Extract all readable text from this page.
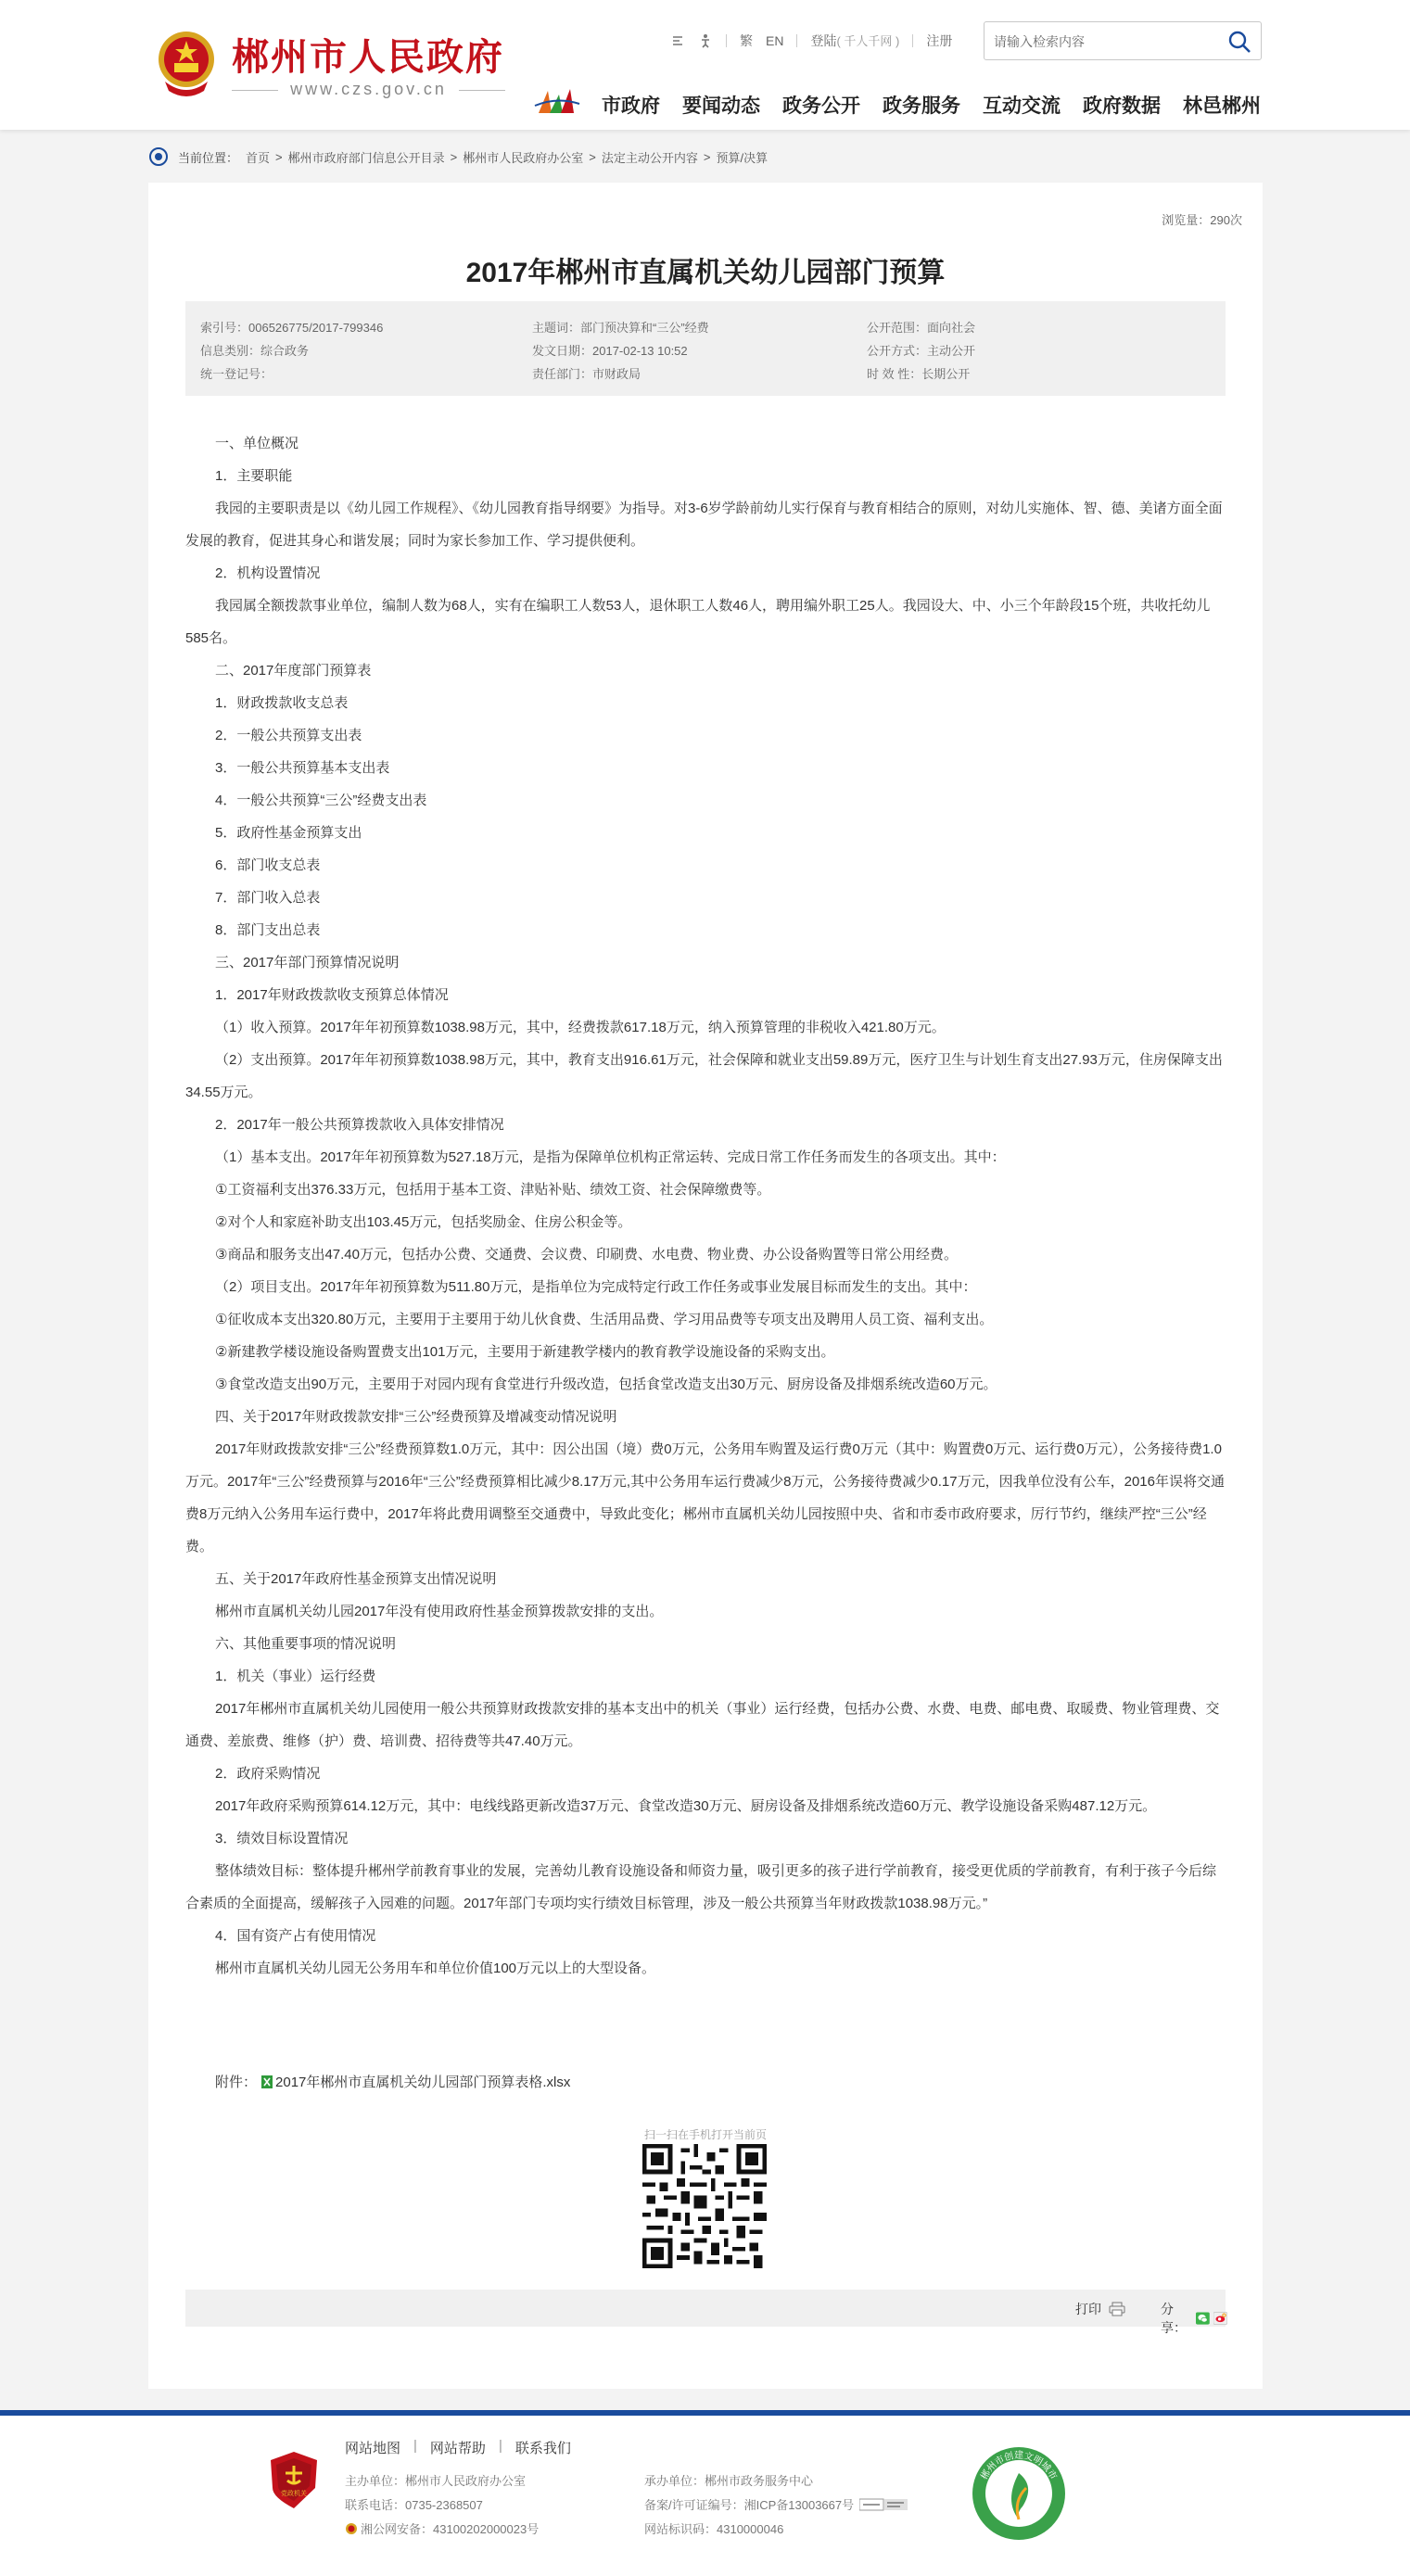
郴州市人民政府
www.czs.gov.cn
繁 EN 登陆( 千人千网 ) 注册
请输入检索内容
市政府 要闻动态 政务公开 政务服务 互动交流 政府数据 林邑郴州
当前位置： 首页 > 郴州市政府部门信息公开目录 > 郴州市人民政府办公室 > 法定主动公开内容 > 预算/决算
浏览量：290次
2017年郴州市直属机关幼儿园部门预算
索引号：006526775/2017-799346
信息类别：综合政务
统一登记号：
主题词：部门预决算和“三公”经费
发文日期：2017-02-13 10:52
责任部门：市财政局
公开范围：面向社会
公开方式：主动公开
时 效 性：长期公开

一、单位概况

1．主要职能

我园的主要职责是以《幼儿园工作规程》、《幼儿园教育指导纲要》为指导。对3-6岁学龄前幼儿实行保育与教育相结合的原则，对幼儿实施体、智、德、美诸方面全面发展的教育，促进其身心和谐发展；同时为家长参加工作、学习提供便利。

2．机构设置情况

我园属全额拨款事业单位，编制人数为68人，实有在编职工人数53人，退休职工人数46人，聘用编外职工25人。我园设大、中、小三个年龄段15个班，共收托幼儿585名。

二、2017年度部门预算表

1．财政拨款收支总表

2．一般公共预算支出表

3．一般公共预算基本支出表

4．一般公共预算“三公”经费支出表

5．政府性基金预算支出

6．部门收支总表

7．部门收入总表

8．部门支出总表

三、2017年部门预算情况说明

1．2017年财政拨款收支预算总体情况

（1）收入预算。2017年年初预算数1038.98万元，其中，经费拨款617.18万元，纳入预算管理的非税收入421.80万元。

（2）支出预算。2017年年初预算数1038.98万元，其中，教育支出916.61万元，社会保障和就业支出59.89万元，医疗卫生与计划生育支出27.93万元，住房保障支出34.55万元。

2．2017年一般公共预算拨款收入具体安排情况

（1）基本支出。2017年年初预算数为527.18万元，是指为保障单位机构正常运转、完成日常工作任务而发生的各项支出。其中：

①工资福利支出376.33万元，包括用于基本工资、津贴补贴、绩效工资、社会保障缴费等。

②对个人和家庭补助支出103.45万元，包括奖励金、住房公积金等。

③商品和服务支出47.40万元，包括办公费、交通费、会议费、印刷费、水电费、物业费、办公设备购置等日常公用经费。

（2）项目支出。2017年年初预算数为511.80万元，是指单位为完成特定行政工作任务或事业发展目标而发生的支出。其中：

①征收成本支出320.80万元，主要用于主要用于幼儿伙食费、生活用品费、学习用品费等专项支出及聘用人员工资、福利支出。

②新建教学楼设施设备购置费支出101万元，主要用于新建教学楼内的教育教学设施设备的采购支出。

③食堂改造支出90万元，主要用于对园内现有食堂进行升级改造，包括食堂改造支出30万元、厨房设备及排烟系统改造60万元。

四、关于2017年财政拨款安排“三公”经费预算及增减变动情况说明

2017年财政拨款安排“三公”经费预算数1.0万元，其中：因公出国（境）费0万元，公务用车购置及运行费0万元（其中：购置费0万元、运行费0万元），公务接待费1.0万元。2017年“三公”经费预算与2016年“三公”经费预算相比减少8.17万元,其中公务用车运行费减少8万元，公务接待费减少0.17万元，因我单位没有公车，2016年误将交通费8万元纳入公务用车运行费中，2017年将此费用调整至交通费中，导致此变化；郴州市直属机关幼儿园按照中央、省和市委市政府要求，厉行节约，继续严控“三公”经费。

五、关于2017年政府性基金预算支出情况说明

郴州市直属机关幼儿园2017年没有使用政府性基金预算拨款安排的支出。

六、其他重要事项的情况说明

1．机关（事业）运行经费

2017年郴州市直属机关幼儿园使用一般公共预算财政拨款安排的基本支出中的机关（事业）运行经费，包括办公费、水费、电费、邮电费、取暖费、物业管理费、交通费、差旅费、维修（护）费、培训费、招待费等共47.40万元。

2．政府采购情况

2017年政府采购预算614.12万元，其中：电线线路更新改造37万元、食堂改造30万元、厨房设备及排烟系统改造60万元、教学设施设备采购487.12万元。

3．绩效目标设置情况

整体绩效目标：整体提升郴州学前教育事业的发展，完善幼儿教育设施设备和师资力量，吸引更多的孩子进行学前教育，接受更优质的学前教育，有利于孩子今后综合素质的全面提高，缓解孩子入园难的问题。2017年部门专项均实行绩效目标管理，涉及一般公共预算当年财政拨款1038.98万元。”

4．国有资产占有使用情况

郴州市直属机关幼儿园无公务用车和单位价值100万元以上的大型设备。

附件： 2017年郴州市直属机关幼儿园部门预算表格.xlsx
扫一扫在手机打开当前页
打印	分享：
党政机关
网站地图 | 网站帮助 | 联系我们
主办单位：郴州市人民政府办公室
联系电话：0735-2368507
湘公网安备：43100202000023号
承办单位：郴州市政务服务中心
备案/许可证编号：湘ICP备13003667号
网站标识码：4310000046
郴州市创建文明城市
